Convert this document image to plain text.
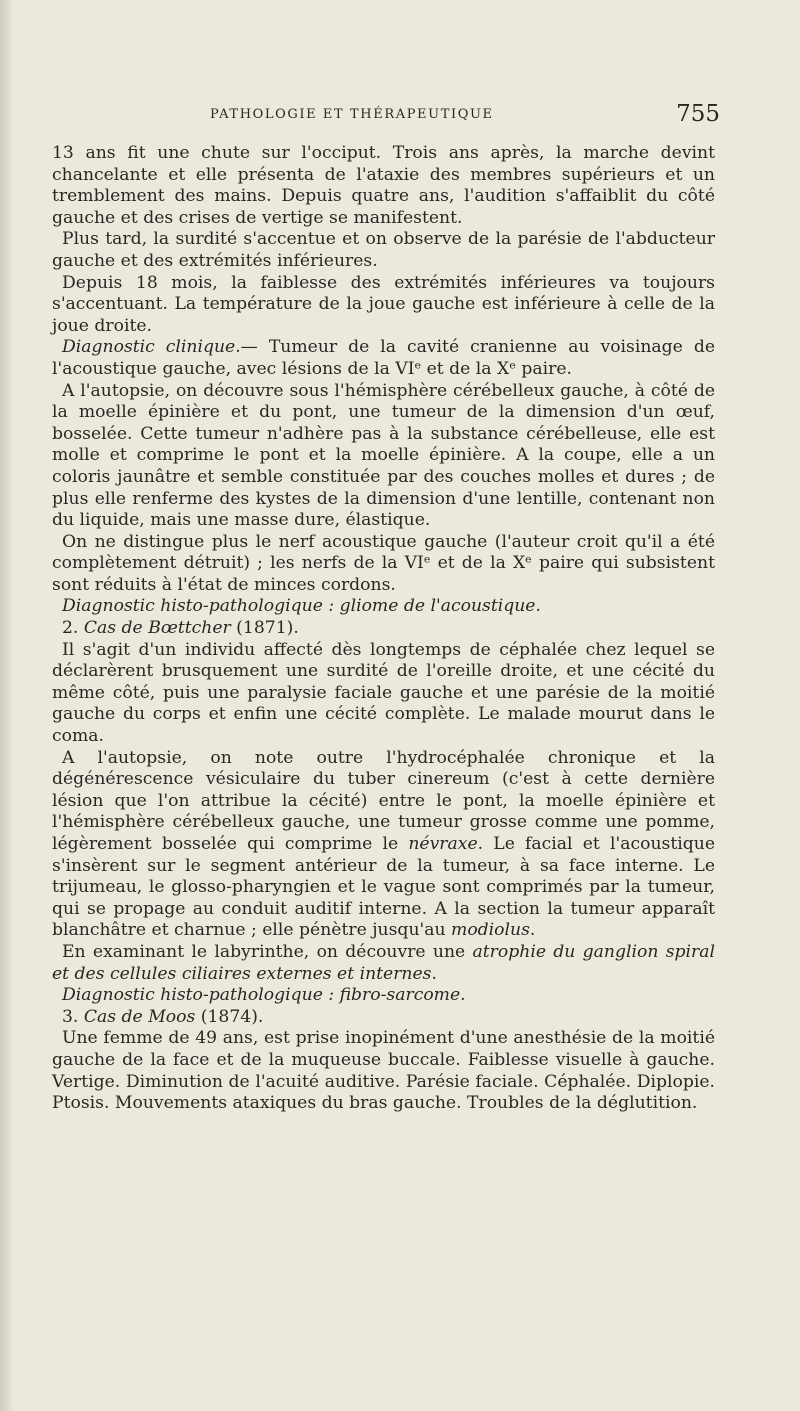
PATHOLOGIE ET THÉRAPEUTIQUE	755

13 ans fit une chute sur l'occiput. Trois ans après, la marche devint chancelante et elle présenta de l'ataxie des membres supérieurs et un tremblement des mains. Depuis quatre ans, l'audition s'affaiblit du côté gauche et des crises de vertige se manifestent.

Plus tard, la surdité s'accentue et on observe de la parésie de l'abducteur gauche et des extrémités inférieures.

Depuis 18 mois, la faiblesse des extrémités inférieures va toujours s'accentuant. La température de la joue gauche est inférieure à celle de la joue droite.

Diagnostic clinique.— Tumeur de la cavité cranienne au voisinage de l'acoustique gauche, avec lésions de la VIᵉ et de la Xᵉ paire.

A l'autopsie, on découvre sous l'hémisphère cérébelleux gauche, à côté de la moelle épinière et du pont, une tumeur de la dimension d'un œuf, bosselée. Cette tumeur n'adhère pas à la substance cérébelleuse, elle est molle et comprime le pont et la moelle épinière. A la coupe, elle a un coloris jaunâtre et semble constituée par des couches molles et dures ; de plus elle renferme des kystes de la dimension d'une lentille, contenant non du liquide, mais une masse dure, élastique.

On ne distingue plus le nerf acoustique gauche (l'auteur croit qu'il a été complètement détruit) ; les nerfs de la VIᵉ et de la Xᵉ paire qui subsistent sont réduits à l'état de minces cordons.

Diagnostic histo-pathologique : gliome de l'acoustique.

2. Cas de Bœttcher (1871).

Il s'agit d'un individu affecté dès longtemps de céphalée chez lequel se déclarèrent brusquement une surdité de l'oreille droite, et une cécité du même côté, puis une paralysie faciale gauche et une parésie de la moitié gauche du corps et enfin une cécité complète. Le malade mourut dans le coma.

A l'autopsie, on note outre l'hydrocéphalée chronique et la dégénérescence vésiculaire du tuber cinereum (c'est à cette dernière lésion que l'on attribue la cécité) entre le pont, la moelle épinière et l'hémisphère cérébelleux gauche, une tumeur grosse comme une pomme, légèrement bosselée qui comprime le névraxe. Le facial et l'acoustique s'insèrent sur le segment antérieur de la tumeur, à sa face interne. Le trijumeau, le glosso-pharyngien et le vague sont comprimés par la tumeur, qui se propage au conduit auditif interne. A la section la tumeur apparaît blanchâtre et charnue ; elle pénètre jusqu'au modiolus.

En examinant le labyrinthe, on découvre une atrophie du ganglion spiral et des cellules ciliaires externes et internes.

Diagnostic histo-pathologique : fibro-sarcome.

3. Cas de Moos (1874).

Une femme de 49 ans, est prise inopinément d'une anesthésie de la moitié gauche de la face et de la muqueuse buccale. Faiblesse visuelle à gauche. Vertige. Diminution de l'acuité auditive. Parésie faciale. Céphalée. Diplopie. Ptosis. Mouvements ataxiques du bras gauche. Troubles de la déglutition.
